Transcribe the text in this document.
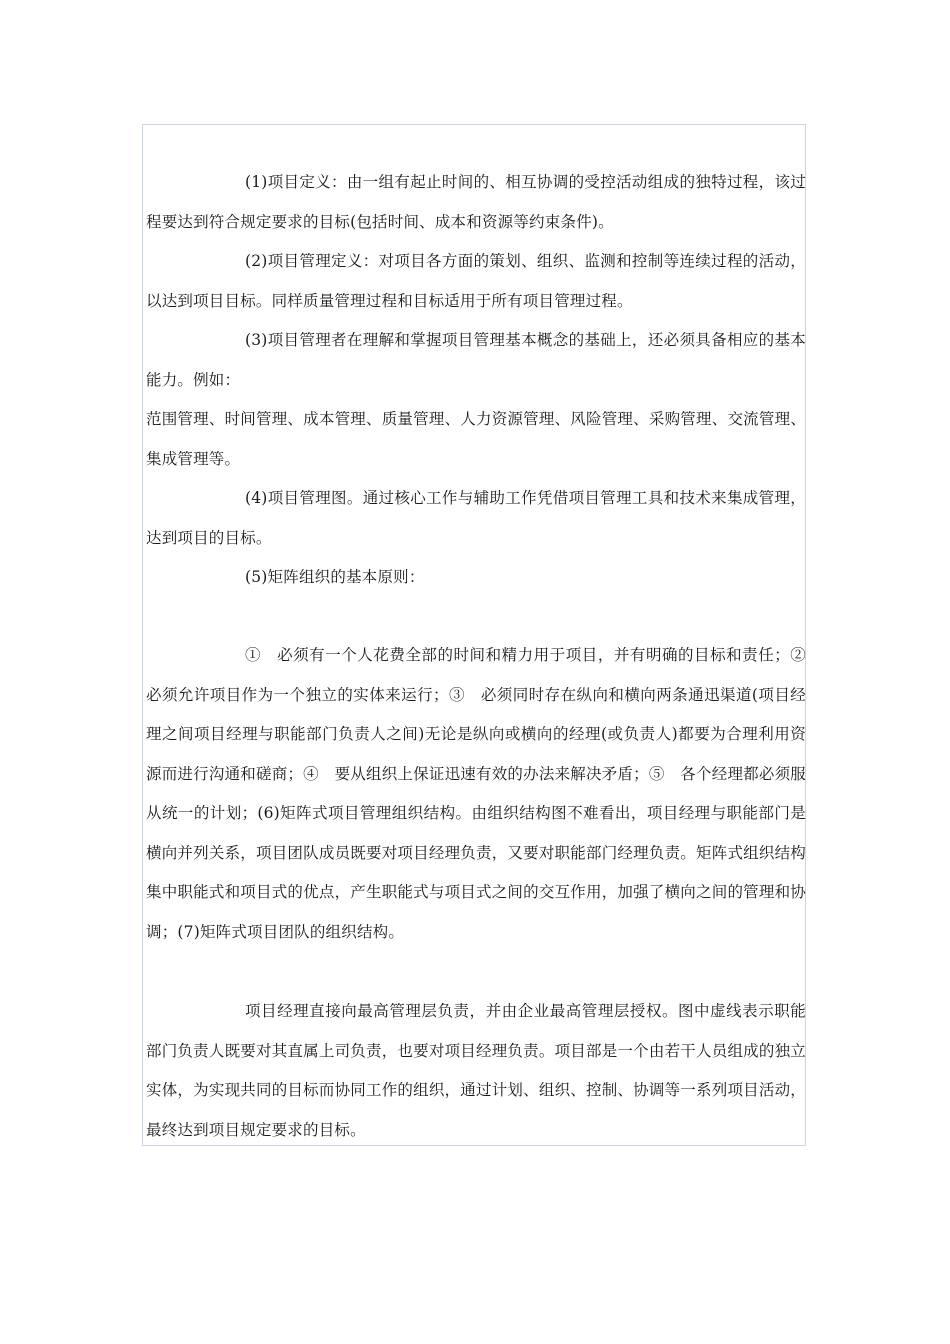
(1)项目定义：由一组有起止时间的、相互协调的受控活动组成的独特过程，该过程要达到符合规定要求的目标(包括时间、成本和资源等约束条件)。

(2)项目管理定义：对项目各方面的策划、组织、监测和控制等连续过程的活动，以达到项目目标。同样质量管理过程和目标适用于所有项目管理过程。

(3)项目管理者在理解和掌握项目管理基本概念的基础上，还必须具备相应的基本能力。例如：

范围管理、时间管理、成本管理、质量管理、人力资源管理、风险管理、采购管理、交流管理、集成管理等。

(4)项目管理图。通过核心工作与辅助工作凭借项目管理工具和技术来集成管理，达到项目的目标。

(5)矩阵组织的基本原则：

①　必须有一个人花费全部的时间和精力用于项目，并有明确的目标和责任；②　必须允许项目作为一个独立的实体来运行；③　必须同时存在纵向和横向两条通迅渠道(项目经理之间项目经理与职能部门负责人之间)无论是纵向或横向的经理(或负责人)都要为合理利用资源而进行沟通和磋商；④　要从组织上保证迅速有效的办法来解决矛盾；⑤　各个经理都必须服从统一的计划；(6)矩阵式项目管理组织结构。由组织结构图不难看出，项目经理与职能部门是横向并列关系，项目团队成员既要对项目经理负责，又要对职能部门经理负责。矩阵式组织结构集中职能式和项目式的优点，产生职能式与项目式之间的交互作用，加强了横向之间的管理和协调；(7)矩阵式项目团队的组织结构。

项目经理直接向最高管理层负责，并由企业最高管理层授权。图中虚线表示职能部门负责人既要对其直属上司负责，也要对项目经理负责。项目部是一个由若干人员组成的独立实体，为实现共同的目标而协同工作的组织，通过计划、组织、控制、协调等一系列项目活动，最终达到项目规定要求的目标。
